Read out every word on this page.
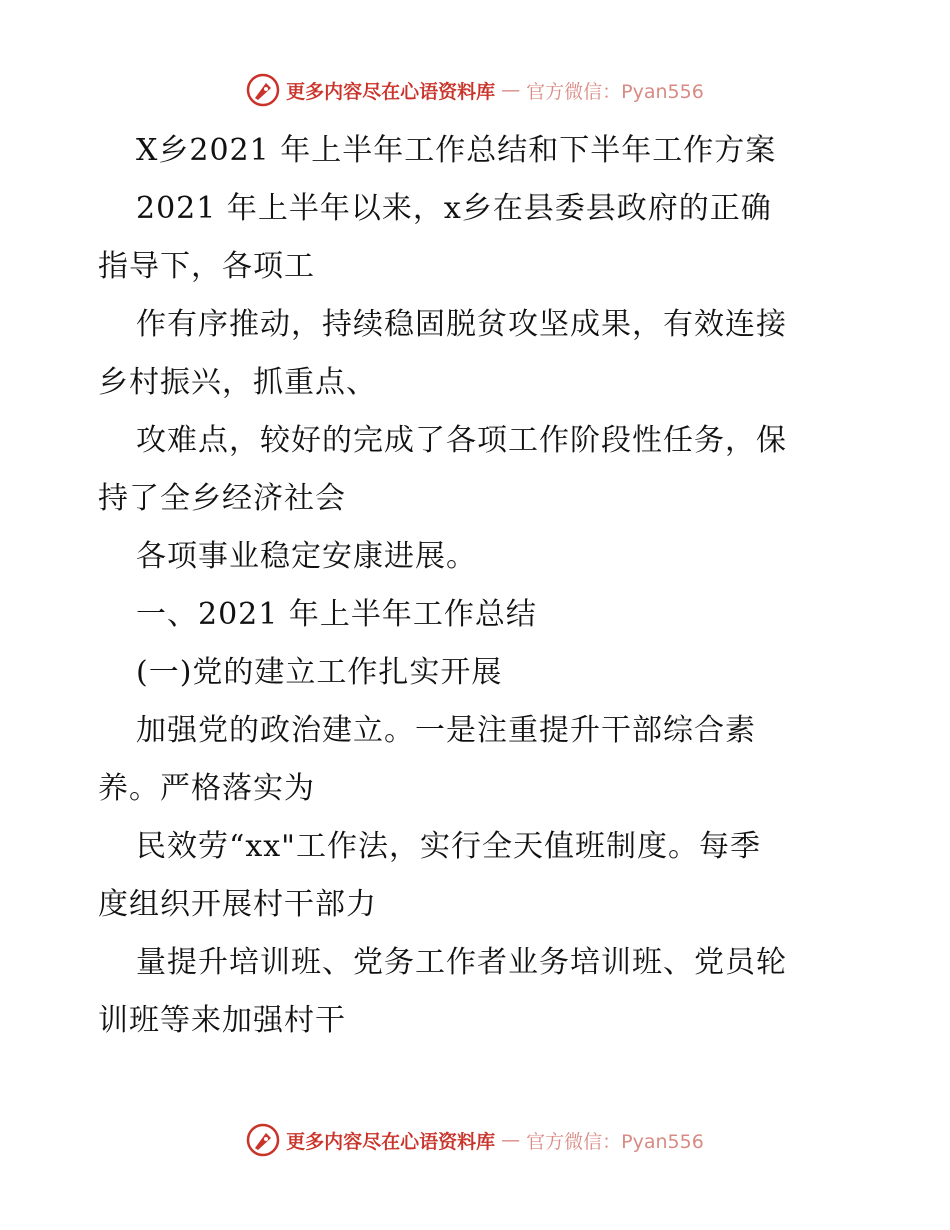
更多内容尽在心语资料库 — 官方微信：Pyan556
X乡2021 年上半年工作总结和下半年工作方案
2021 年上半年以来，x乡在县委县政府的正确
指导下，各项工
作有序推动，持续稳固脱贫攻坚成果，有效连接
乡村振兴，抓重点、
攻难点，较好的完成了各项工作阶段性任务，保
持了全乡经济社会
各项事业稳定安康进展。
一、2021 年上半年工作总结
(一)党的建立工作扎实开展
加强党的政治建立。一是注重提升干部综合素
养。严格落实为
民效劳“xx"工作法，实行全天值班制度。每季
度组织开展村干部力
量提升培训班、党务工作者业务培训班、党员轮
训班等来加强村干
更多内容尽在心语资料库 — 官方微信：Pyan556
